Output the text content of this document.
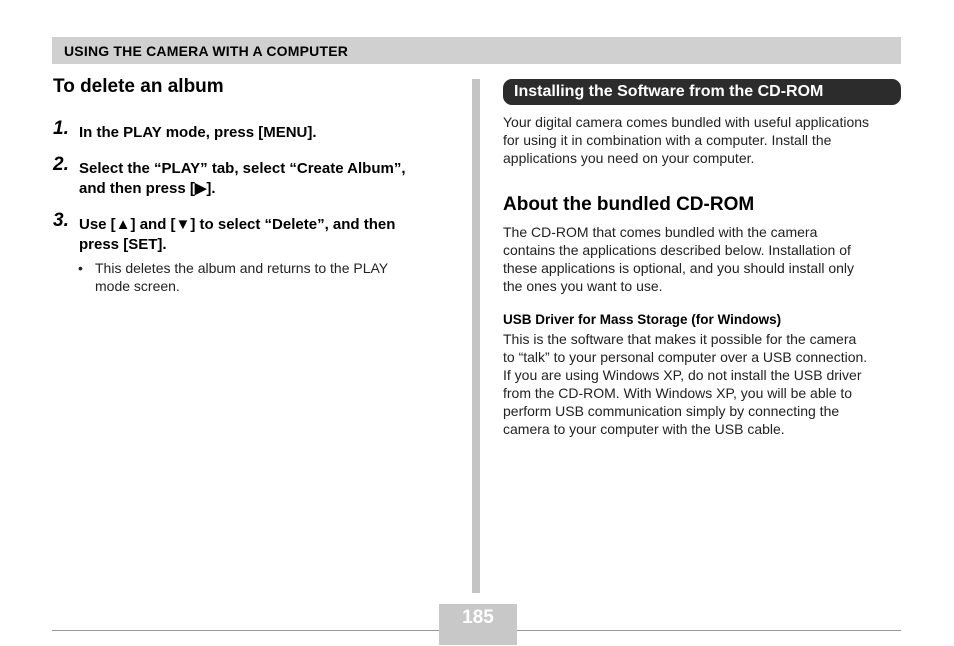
USING THE CAMERA WITH A COMPUTER
To delete an album
1. In the PLAY mode, press [MENU].
2. Select the “PLAY” tab, select “Create Album”,
and then press [▶].
3. Use [▲] and [▼] to select “Delete”, and then
press [SET].
• This deletes the album and returns to the PLAY
mode screen.
Installing the Software from the CD-ROM

Your digital camera comes bundled with useful applications

for using it in combination with a computer. Install the

applications you need on your computer.

About the bundled CD-ROM

The CD-ROM that comes bundled with the camera

contains the applications described below. Installation of

these applications is optional, and you should install only

the ones you want to use.

USB Driver for Mass Storage (for Windows)

This is the software that makes it possible for the camera

to “talk” to your personal computer over a USB connection.

If you are using Windows XP, do not install the USB driver

from the CD-ROM. With Windows XP, you will be able to

perform USB communication simply by connecting the

camera to your computer with the USB cable.

185
